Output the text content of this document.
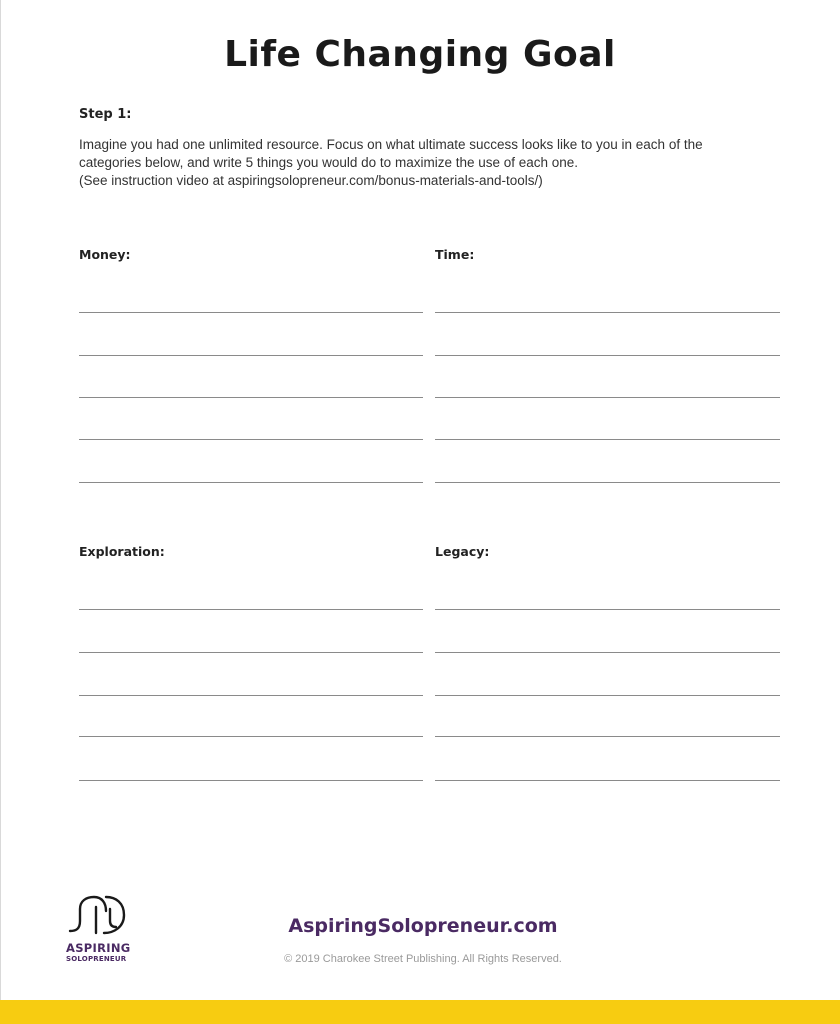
Life Changing Goal
Step 1:
Imagine you had one unlimited resource. Focus on what ultimate success looks like to you in each of the
categories below, and write 5 things you would do to maximize the use of each one.
(See instruction video at aspiringsolopreneur.com/bonus-materials-and-tools/)
Money:	Time:
Exploration:	Legacy:
ASPIRING
SOLOPRENEUR
AspiringSolopreneur.com
© 2019 Charokee Street Publishing. All Rights Reserved.
